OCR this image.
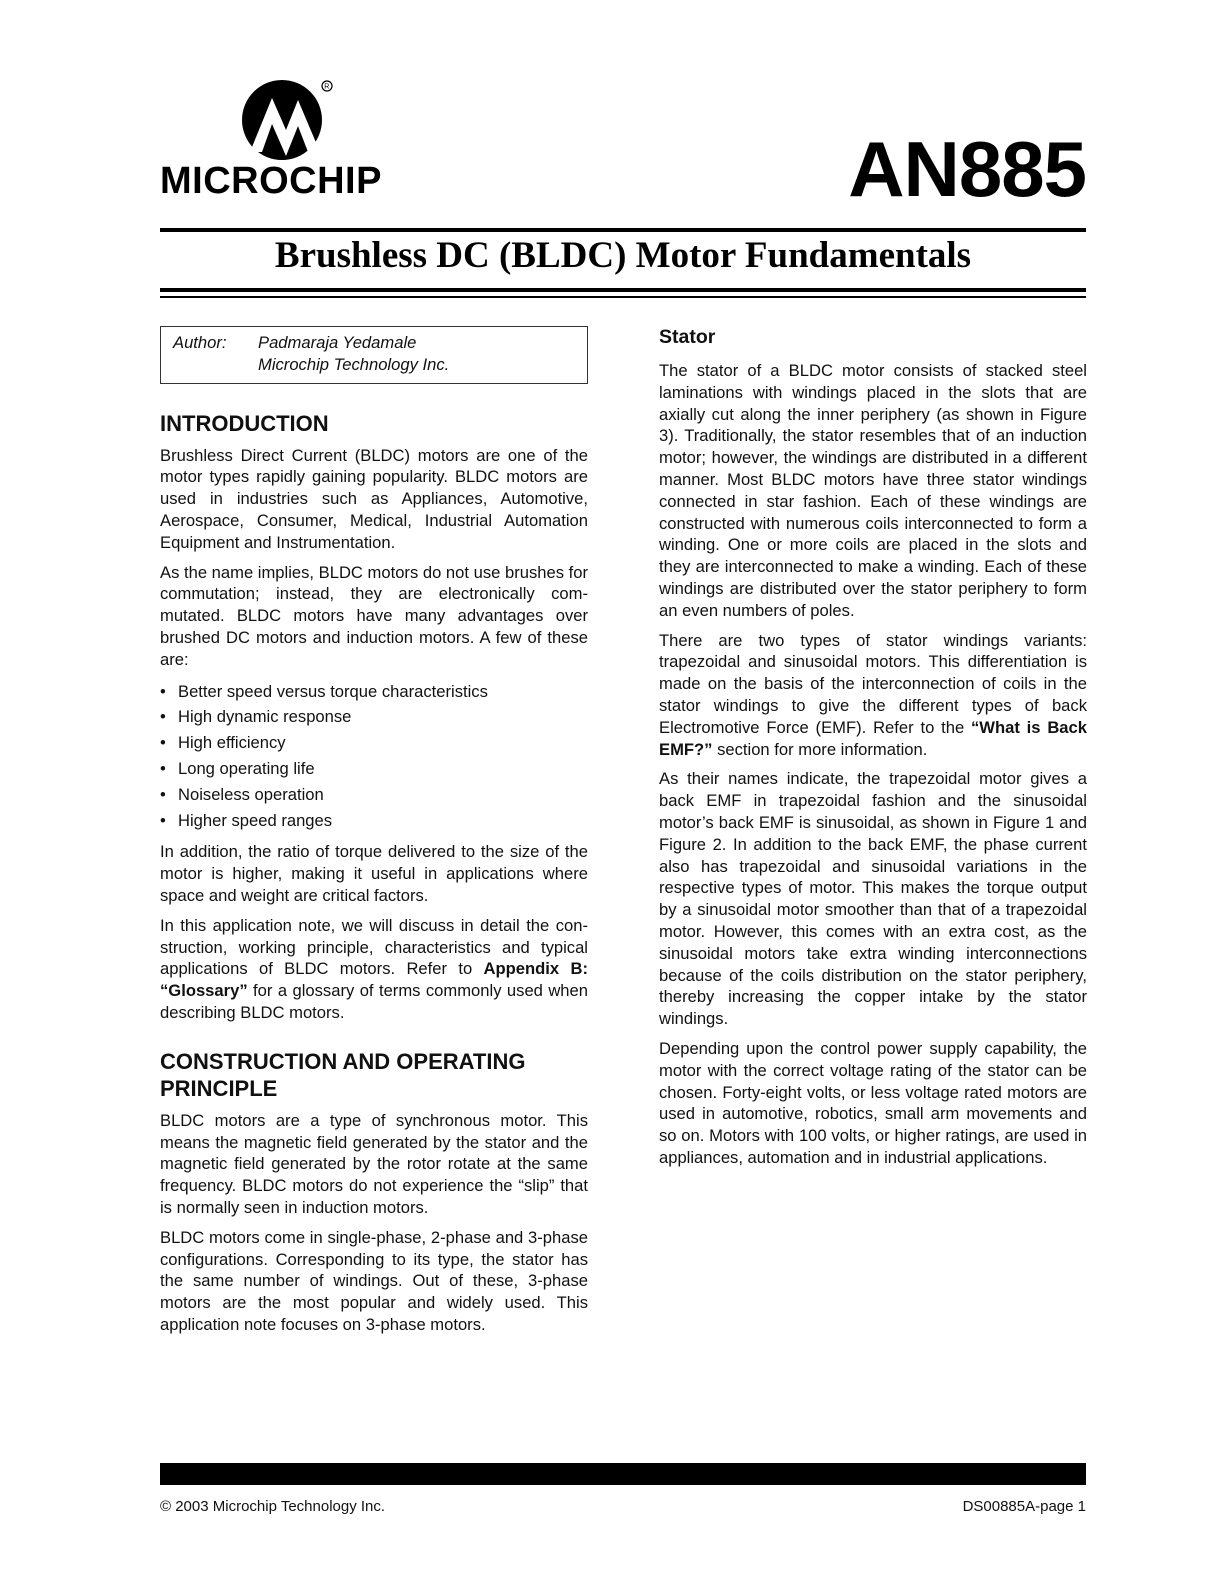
R
MICROCHIP	AN885
Brushless DC (BLDC) Motor Fundamentals
Author:	Padmaraja Yedamale
Microchip Technology Inc.
INTRODUCTION

Brushless Direct Current (BLDC) motors are one of the motor types rapidly gaining popularity. BLDC motors are used in industries such as Appliances, Automotive, Aerospace, Consumer, Medical, Industrial Automation Equipment and Instrumentation.

As the name implies, BLDC motors do not use brushes for commutation; instead, they are electronically com-mutated. BLDC motors have many advantages over brushed DC motors and induction motors. A few of these are:

• Better speed versus torque characteristics
• High dynamic response
• High efficiency
• Long operating life
• Noiseless operation
• Higher speed ranges

In addition, the ratio of torque delivered to the size of the motor is higher, making it useful in applications where space and weight are critical factors.

In this application note, we will discuss in detail the con-struction, working principle, characteristics and typical applications of BLDC motors. Refer to Appendix B: “Glossary” for a glossary of terms commonly used when describing BLDC motors.

CONSTRUCTION AND OPERATING PRINCIPLE

BLDC motors are a type of synchronous motor. This means the magnetic field generated by the stator and the magnetic field generated by the rotor rotate at the same frequency. BLDC motors do not experience the “slip” that is normally seen in induction motors.

BLDC motors come in single-phase, 2-phase and 3-phase configurations. Corresponding to its type, the stator has the same number of windings. Out of these, 3-phase motors are the most popular and widely used. This application note focuses on 3-phase motors.

Stator

The stator of a BLDC motor consists of stacked steel laminations with windings placed in the slots that are axially cut along the inner periphery (as shown in Figure 3). Traditionally, the stator resembles that of an induction motor; however, the windings are distributed in a different manner. Most BLDC motors have three stator windings connected in star fashion. Each of these windings are constructed with numerous coils interconnected to form a winding. One or more coils are placed in the slots and they are interconnected to make a winding. Each of these windings are distributed over the stator periphery to form an even numbers of poles.

There are two types of stator windings variants: trapezoidal and sinusoidal motors. This differentiation is made on the basis of the interconnection of coils in the stator windings to give the different types of back Electromotive Force (EMF). Refer to the “What is Back EMF?” section for more information.

As their names indicate, the trapezoidal motor gives a back EMF in trapezoidal fashion and the sinusoidal motor’s back EMF is sinusoidal, as shown in Figure 1 and Figure 2. In addition to the back EMF, the phase current also has trapezoidal and sinusoidal variations in the respective types of motor. This makes the torque output by a sinusoidal motor smoother than that of a trapezoidal motor. However, this comes with an extra cost, as the sinusoidal motors take extra winding interconnections because of the coils distribution on the stator periphery, thereby increasing the copper intake by the stator windings.

Depending upon the control power supply capability, the motor with the correct voltage rating of the stator can be chosen. Forty-eight volts, or less voltage rated motors are used in automotive, robotics, small arm movements and so on. Motors with 100 volts, or higher ratings, are used in appliances, automation and in industrial applications.

© 2003 Microchip Technology Inc.	DS00885A-page 1
